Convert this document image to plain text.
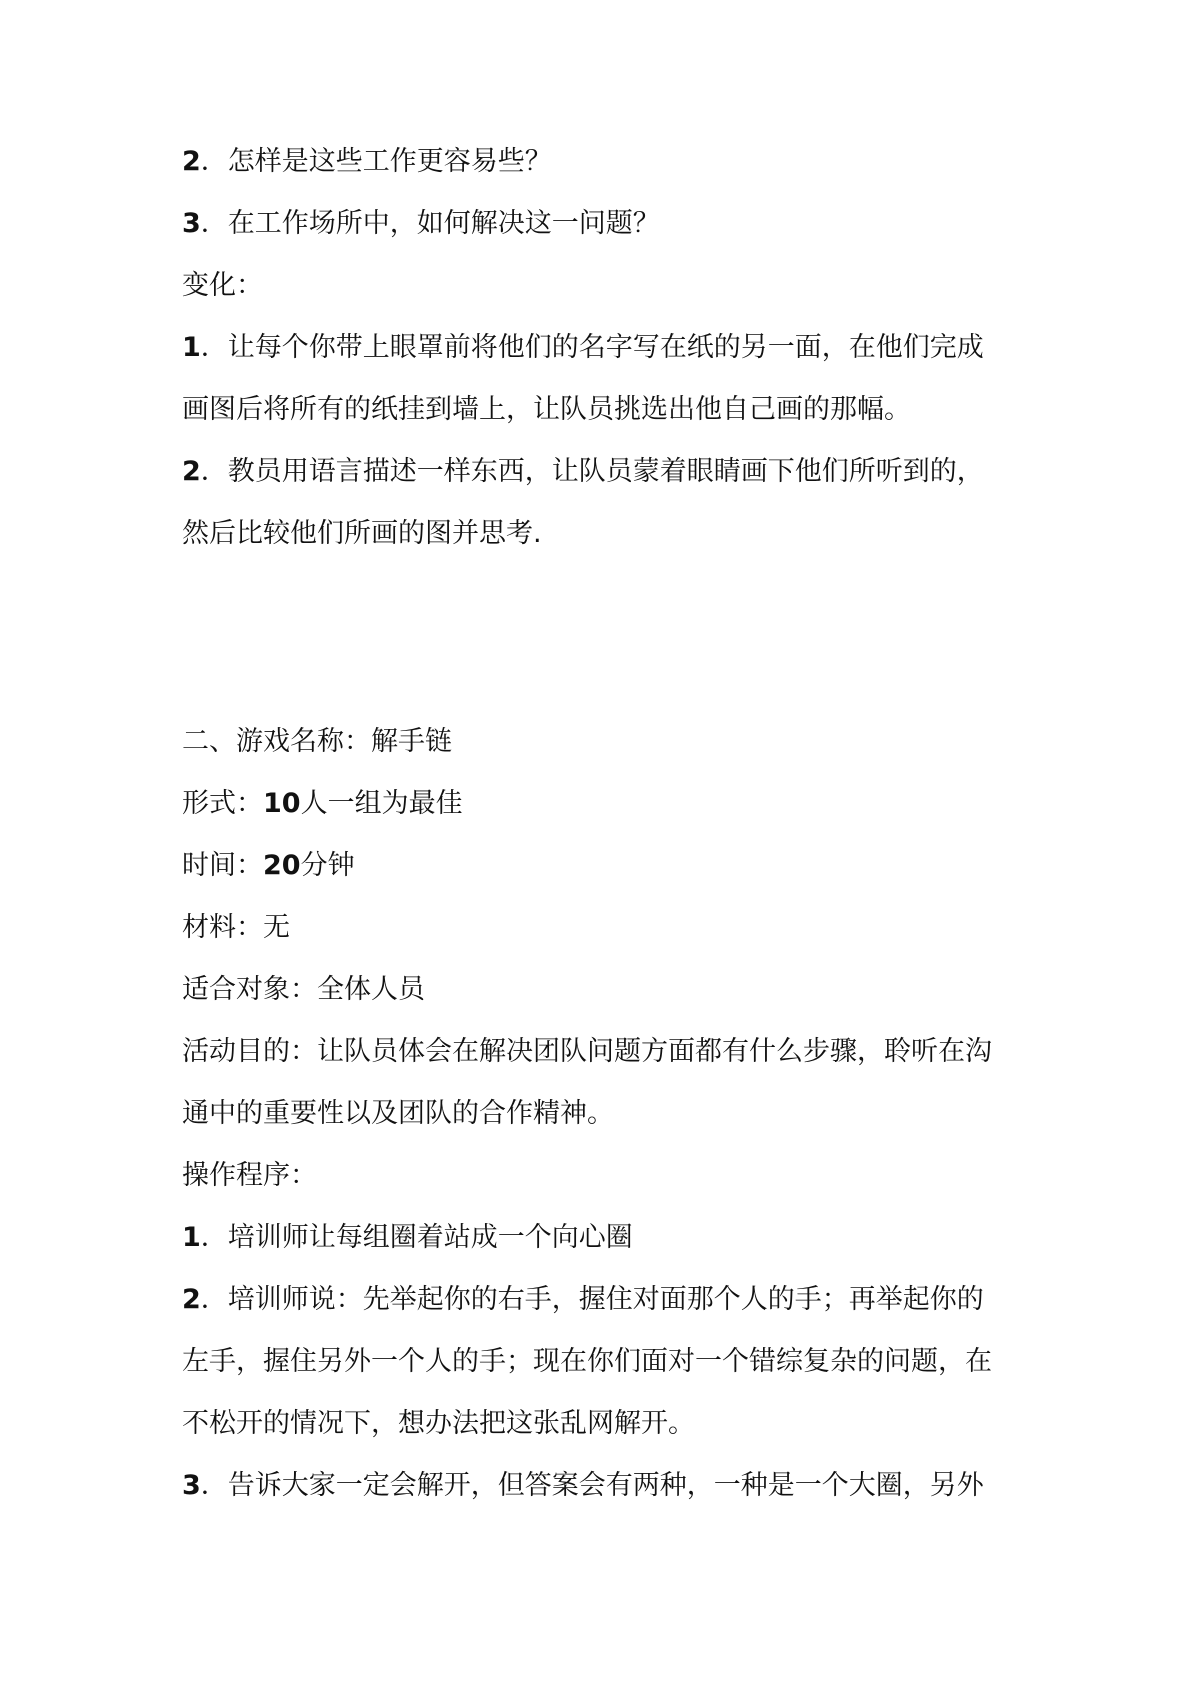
2．怎样是这些工作更容易些？
3．在工作场所中，如何解决这一问题？
变化：
1．让每个你带上眼罩前将他们的名字写在纸的另一面，在他们完成
画图后将所有的纸挂到墙上，让队员挑选出他自己画的那幅。
2．教员用语言描述一样东西，让队员蒙着眼睛画下他们所听到的，
然后比较他们所画的图并思考.
二、游戏名称：解手链
形式：10人一组为最佳
时间：20分钟
材料：无
适合对象：全体人员
活动目的：让队员体会在解决团队问题方面都有什么步骤，聆听在沟
通中的重要性以及团队的合作精神。
操作程序：
1．培训师让每组圈着站成一个向心圈
2．培训师说：先举起你的右手，握住对面那个人的手；再举起你的
左手，握住另外一个人的手；现在你们面对一个错综复杂的问题，在
不松开的情况下，想办法把这张乱网解开。
3．告诉大家一定会解开，但答案会有两种，一种是一个大圈，另外
